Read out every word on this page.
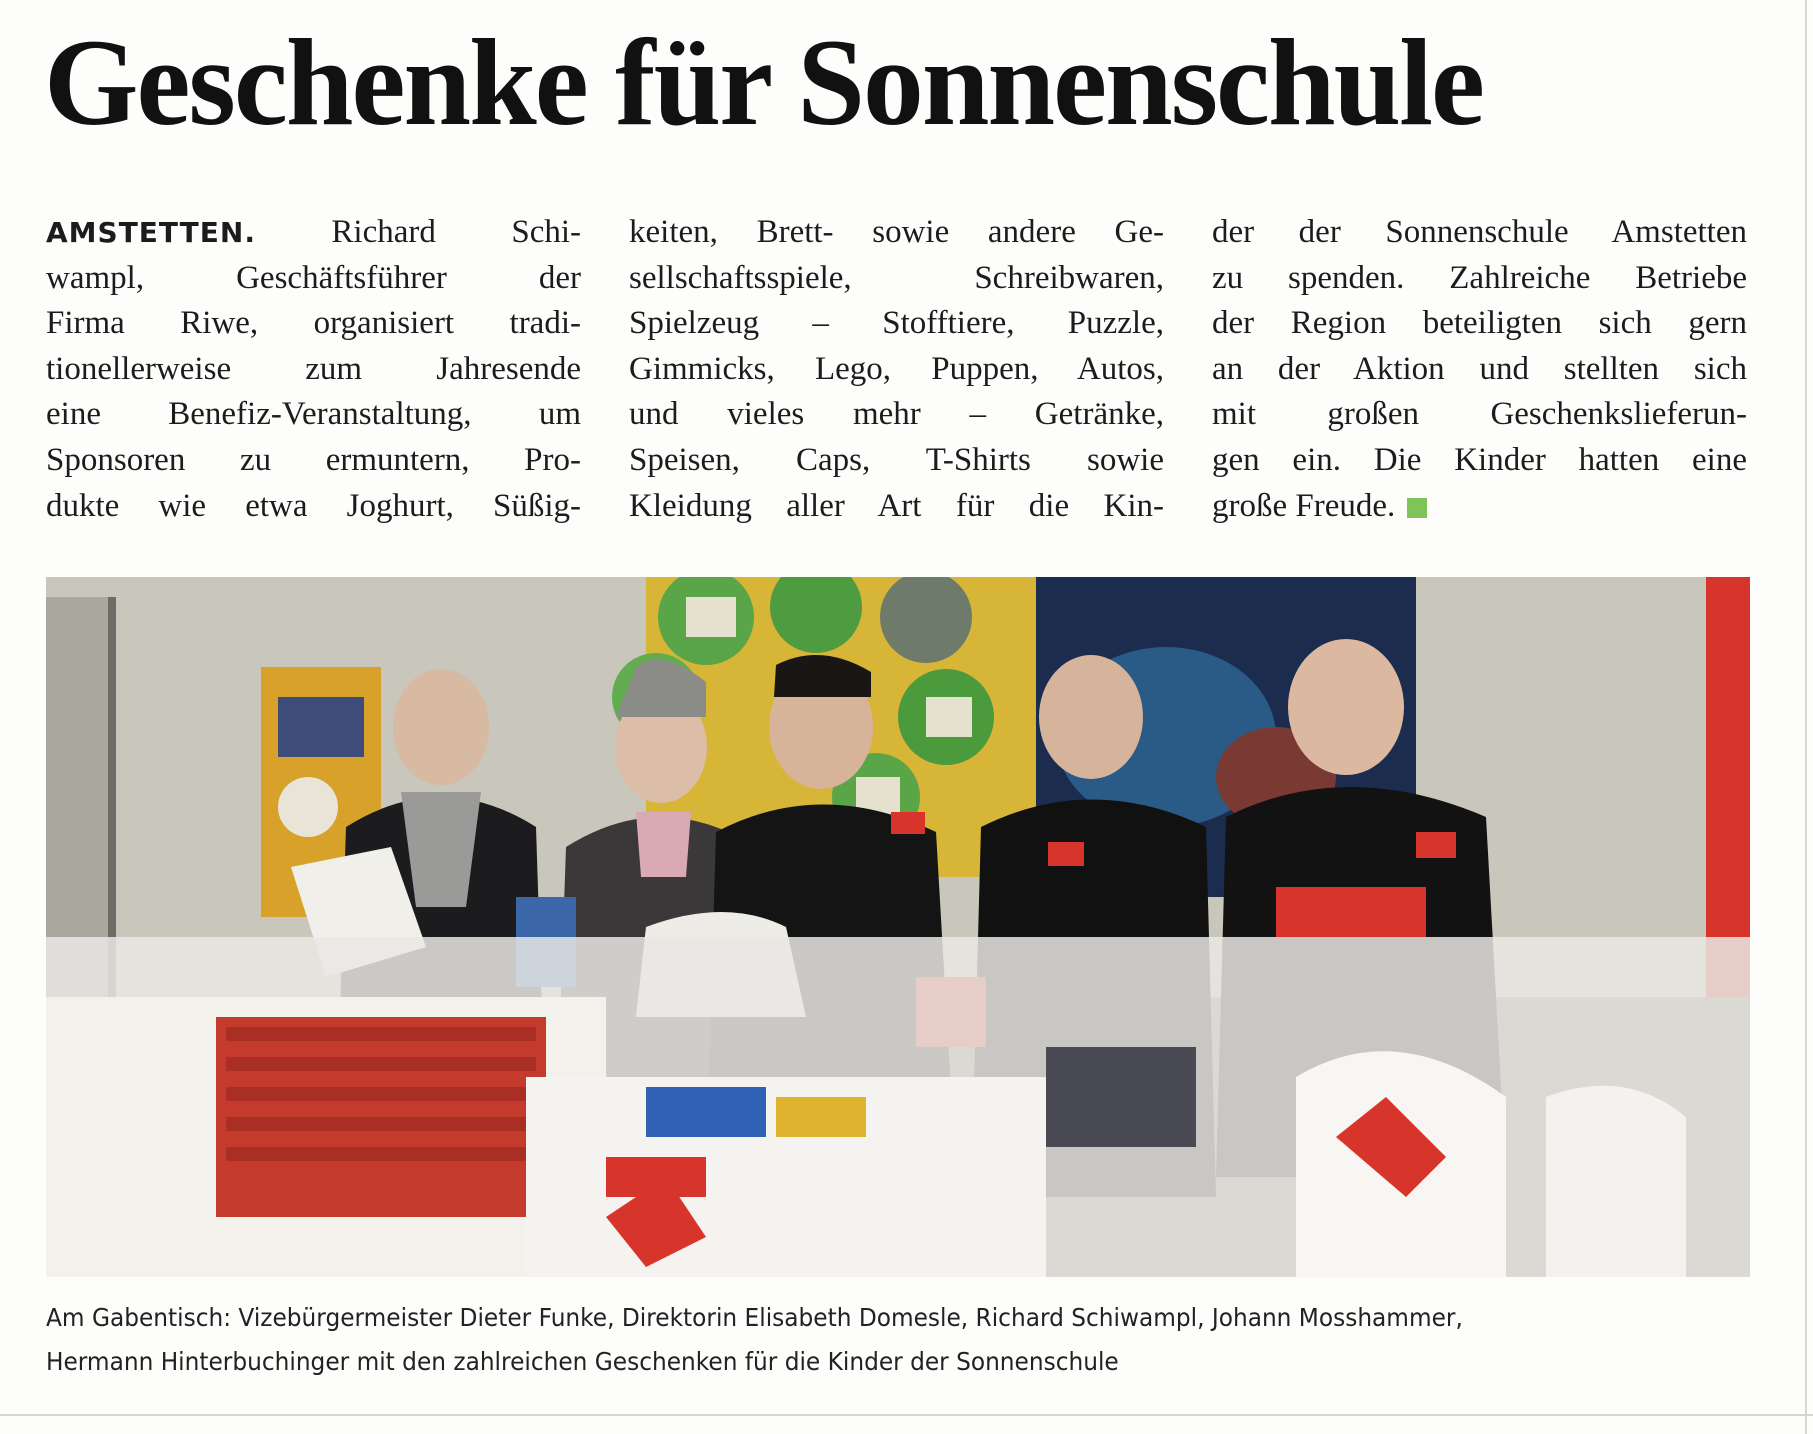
Geschenke für Sonnenschule
AMSTETTEN. Richard Schi-
wampl, Geschäftsführer der
Firma Riwe, organisiert tradi-
tionellerweise zum Jahresende
eine Benefiz-Veranstaltung, um
Sponsoren zu ermuntern, Pro-
dukte wie etwa Joghurt, Süßig-
keiten, Brett- sowie andere Ge-
sellschaftsspiele, Schreibwaren,
Spielzeug – Stofftiere, Puzzle,
Gimmicks, Lego, Puppen, Autos,
und vieles mehr – Getränke,
Speisen, Caps, T-Shirts sowie
Kleidung aller Art für die Kin-
der der Sonnenschule Amstetten
zu spenden. Zahlreiche Betriebe
der Region beteiligten sich gern
an der Aktion und stellten sich
mit großen Geschenkslieferun-
gen ein. Die Kinder hatten eine
große Freude.
Am Gabentisch: Vizebürgermeister Dieter Funke, Direktorin Elisabeth Domesle, Richard Schiwampl, Johann Mosshammer,
Hermann Hinterbuchinger mit den zahlreichen Geschenken für die Kinder der Sonnenschule
